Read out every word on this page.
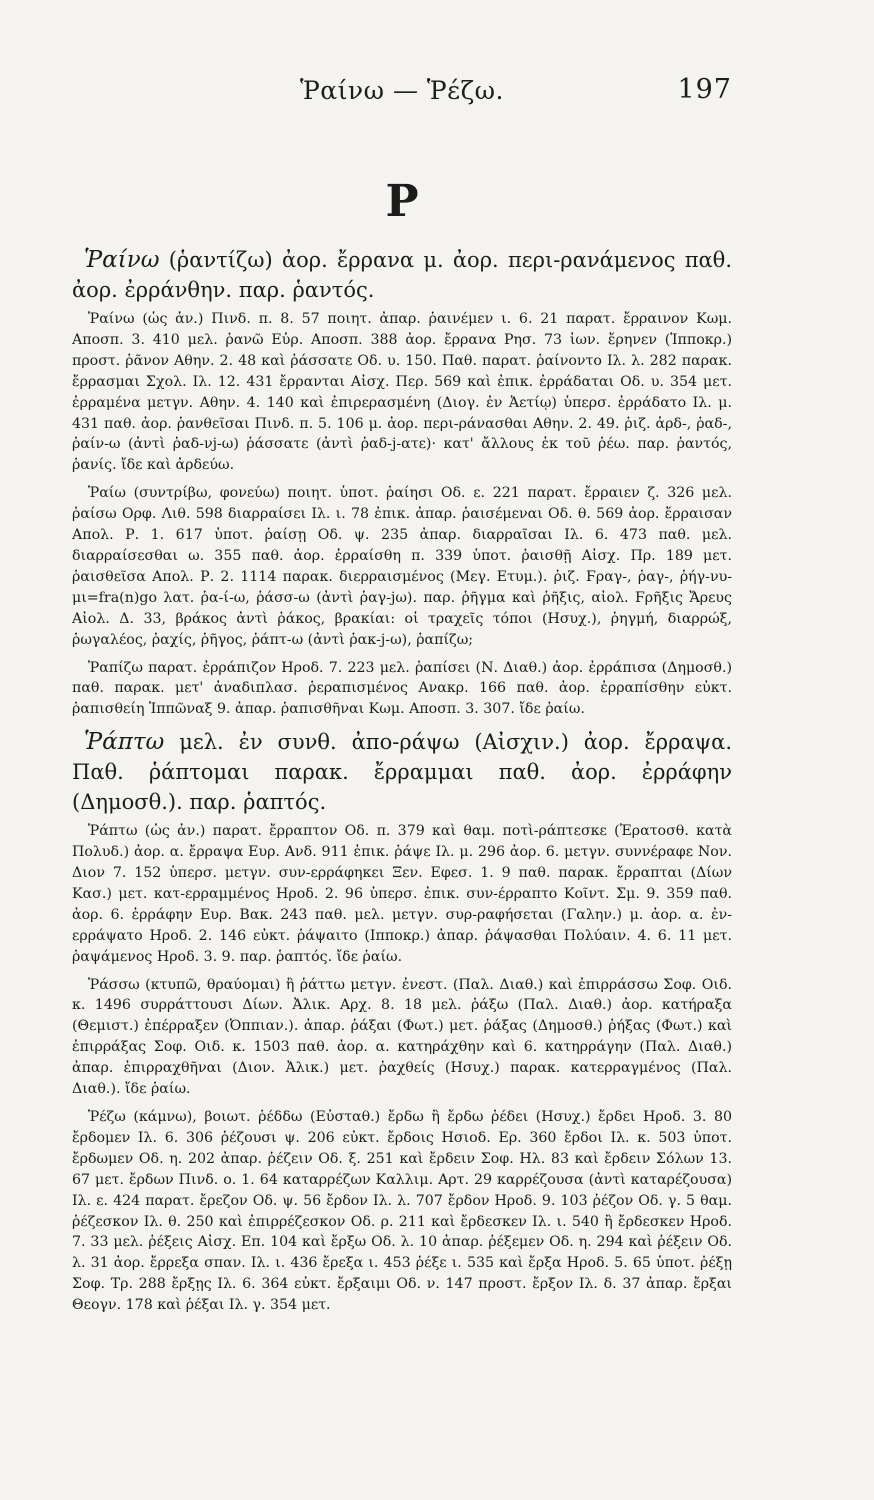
Ῥαίνω — Ῥέζω.	197
Ρ

Ῥαίνω (ῥαντίζω) ἀορ. ἔρρανα μ. ἀορ. περι-ρανάμενος παθ. ἀορ. ἐρράνθην. παρ. ῥαντός.

Ῥαίνω (ὡς ἀν.) Πινδ. π. 8. 57 ποιητ. ἀπαρ. ῥαινέμεν ι. 6. 21 παρατ. ἔρραινον Κωμ. Αποσπ. 3. 410 μελ. ῥανῶ Εὐρ. Αποσπ. 388 ἀορ. ἔρρανα Ρησ. 73 ἰων. ἔρηνεν (Ἱπποκρ.) προστ. ῥᾶνον Αθην. 2. 48 καὶ ῥάσσατε Οδ. υ. 150. Παθ. παρατ. ῥαίνοντο Ιλ. λ. 282 παρακ. ἔρρασμαι Σχολ. Ιλ. 12. 431 ἔρρανται Αἰσχ. Περ. 569 καὶ ἐπικ. ἐρράδαται Οδ. υ. 354 μετ. ἐρραμένα μετγν. Αθην. 4. 140 καὶ ἐπιρερασμένη (Διογ. ἐν Ἀετίῳ) ὑπερσ. ἐρράδατο Ιλ. μ. 431 παθ. ἀορ. ῥανθεῖσαι Πινδ. π. 5. 106 μ. ἀορ. περι-ράνασθαι Αθην. 2. 49. ῥιζ. ἀρδ-, ῥαδ-, ῥαίν-ω (ἀντὶ ῥαδ-νj-ω) ῥάσσατε (ἀντὶ ῥαδ-j-ατε)· κατ' ἄλλους ἐκ τοῦ ῥέω. παρ. ῥαντός, ῥανίς. ἴδε καὶ ἀρδεύω.

Ῥαίω (συντρίβω, φονεύω) ποιητ. ὑποτ. ῥαίησι Οδ. ε. 221 παρατ. ἔρραιεν ζ. 326 μελ. ῥαίσω Ορφ. Λιθ. 598 διαρραίσει Ιλ. ι. 78 ἐπικ. ἀπαρ. ῥαισέμεναι Οδ. θ. 569 ἀορ. ἔρραισαν Απολ. Ρ. 1. 617 ὑποτ. ῥαίσῃ Οδ. ψ. 235 ἀπαρ. διαρραῖσαι Ιλ. 6. 473 παθ. μελ. διαρραίσεσθαι ω. 355 παθ. ἀορ. ἐρραίσθη π. 339 ὑποτ. ῥαισθῇ Αἰσχ. Πρ. 189 μετ. ῥαισθεῖσα Απολ. Ρ. 2. 1114 παρακ. διερραισμένος (Μεγ. Ετυμ.). ῥιζ. Ϝραγ-, ῥαγ-, ῥήγ-νυ-μι=fra(n)go λατ. ῥα-ί-ω, ῥάσσ-ω (ἀντὶ ῥαγ-jω). παρ. ῥῆγμα καὶ ῥῆξις, αἰολ. Ϝρῆξις Ἄρευς Αἰολ. Δ. 33, βράκος ἀντὶ ῥάκος, βρακίαι: οἱ τραχεῖς τόποι (Ησυχ.), ῥηγμή, διαρρώξ, ῥωγαλέος, ῥαχίς, ῥῆγος, ῥάπτ-ω (ἀντὶ ῥακ-j-ω), ῥαπίζω;

Ῥαπίζω παρατ. ἐρράπιζον Ηροδ. 7. 223 μελ. ῥαπίσει (Ν. Διαθ.) ἀορ. ἐρράπισα (Δημοσθ.) παθ. παρακ. μετ' ἀναδιπλασ. ῥεραπισμένος Ανακρ. 166 παθ. ἀορ. ἐρραπίσθην εὐκτ. ῥαπισθείη Ἱππῶναξ 9. ἀπαρ. ῥαπισθῆναι Κωμ. Αποσπ. 3. 307. ἴδε ῥαίω.

Ῥάπτω μελ. ἐν συνθ. ἀπο-ράψω (Αἰσχιν.) ἀορ. ἔρραψα. Παθ. ῥάπτομαι παρακ. ἔρραμμαι παθ. ἀορ. ἐρράφην (Δημοσθ.). παρ. ῥαπτός.

Ῥάπτω (ὡς ἀν.) παρατ. ἔρραπτον Οδ. π. 379 καὶ θαμ. ποτὶ-ράπτεσκε (Ἐρατοσθ. κατὰ Πολυδ.) ἀορ. α. ἔρραψα Ευρ. Ανδ. 911 ἐπικ. ῥάψε Ιλ. μ. 296 ἀορ. 6. μετγν. συννέραφε Νον. Διον 7. 152 ὑπερσ. μετγν. συν-ερράφηκει Ξεν. Εφεσ. 1. 9 παθ. παρακ. ἔρραπται (Δίων Κασ.) μετ. κατ-ερραμμένος Ηροδ. 2. 96 ὑπερσ. ἐπικ. συν-έρραπτο Κοῖντ. Σμ. 9. 359 παθ. ἀορ. 6. ἐρράφην Ευρ. Βακ. 243 παθ. μελ. μετγν. συρ-ραφήσεται (Γαλην.) μ. ἀορ. α. ἐν-ερράψατο Ηροδ. 2. 146 εὐκτ. ῥάψαιτο (Ιπποκρ.) ἀπαρ. ῥάψασθαι Πολύαιν. 4. 6. 11 μετ. ῥαψάμενος Ηροδ. 3. 9. παρ. ῥαπτός. ἴδε ῥαίω.

Ῥάσσω (κτυπῶ, θραύομαι) ἢ ῥάττω μετγν. ἐνεστ. (Παλ. Διαθ.) καὶ ἐπιρράσσω Σοφ. Οιδ. κ. 1496 συρράττουσι Δίων. Ἀλικ. Αρχ. 8. 18 μελ. ῥάξω (Παλ. Διαθ.) ἀορ. κατήραξα (Θεμιστ.) ἐπέρραξεν (Ὀππιαν.). ἀπαρ. ῥάξαι (Φωτ.) μετ. ῥάξας (Δημοσθ.) ῥήξας (Φωτ.) καὶ ἐπιρράξας Σοφ. Οιδ. κ. 1503 παθ. ἀορ. α. κατηράχθην καὶ 6. κατηρράγην (Παλ. Διαθ.) ἀπαρ. ἐπιρραχθῆναι (Διον. Ἀλικ.) μετ. ῥαχθείς (Ησυχ.) παρακ. κατερραγμένος (Παλ. Διαθ.). ἴδε ῥαίω.

Ῥέζω (κάμνω), βοιωτ. ῥέδδω (Εὐσταθ.) ἔρδω ἢ ἔρδω ῥέδει (Ησυχ.) ἔρδει Ηροδ. 3. 80 ἔρδομεν Ιλ. 6. 306 ῥέζουσι ψ. 206 εὐκτ. ἔρδοις Ησιοδ. Ερ. 360 ἔρδοι Ιλ. κ. 503 ὑποτ. ἔρδωμεν Οδ. η. 202 ἀπαρ. ῥέζειν Οδ. ξ. 251 καὶ ἔρδειν Σοφ. Ηλ. 83 καὶ ἔρδειν Σόλων 13. 67 μετ. ἔρδων Πινδ. ο. 1. 64 καταρρέζων Καλλιμ. Αρτ. 29 καρρέζουσα (ἀντὶ καταρέζουσα) Ιλ. ε. 424 παρατ. ἔρεζον Οδ. ψ. 56 ἔρδον Ιλ. λ. 707 ἔρδον Ηροδ. 9. 103 ῥέζον Οδ. γ. 5 θαμ. ῥέζεσκον Ιλ. θ. 250 καὶ ἐπιρρέζεσκον Οδ. ρ. 211 καὶ ἔρδεσκεν Ιλ. ι. 540 ἢ ἔρδεσκεν Ηροδ. 7. 33 μελ. ῥέξεις Αἰσχ. Επ. 104 καὶ ἔρξω Οδ. λ. 10 ἀπαρ. ῥέξεμεν Οδ. η. 294 καὶ ῥέξειν Οδ. λ. 31 ἀορ. ἔρρεξα σπαν. Ιλ. ι. 436 ἔρεξα ι. 453 ῥέξε ι. 535 καὶ ἔρξα Ηροδ. 5. 65 ὑποτ. ῥέξῃ Σοφ. Τρ. 288 ἔρξῃς Ιλ. 6. 364 εὐκτ. ἔρξαιμι Οδ. ν. 147 προστ. ἔρξον Ιλ. δ. 37 ἀπαρ. ἔρξαι Θεογν. 178 καὶ ῥέξαι Ιλ. γ. 354 μετ.
